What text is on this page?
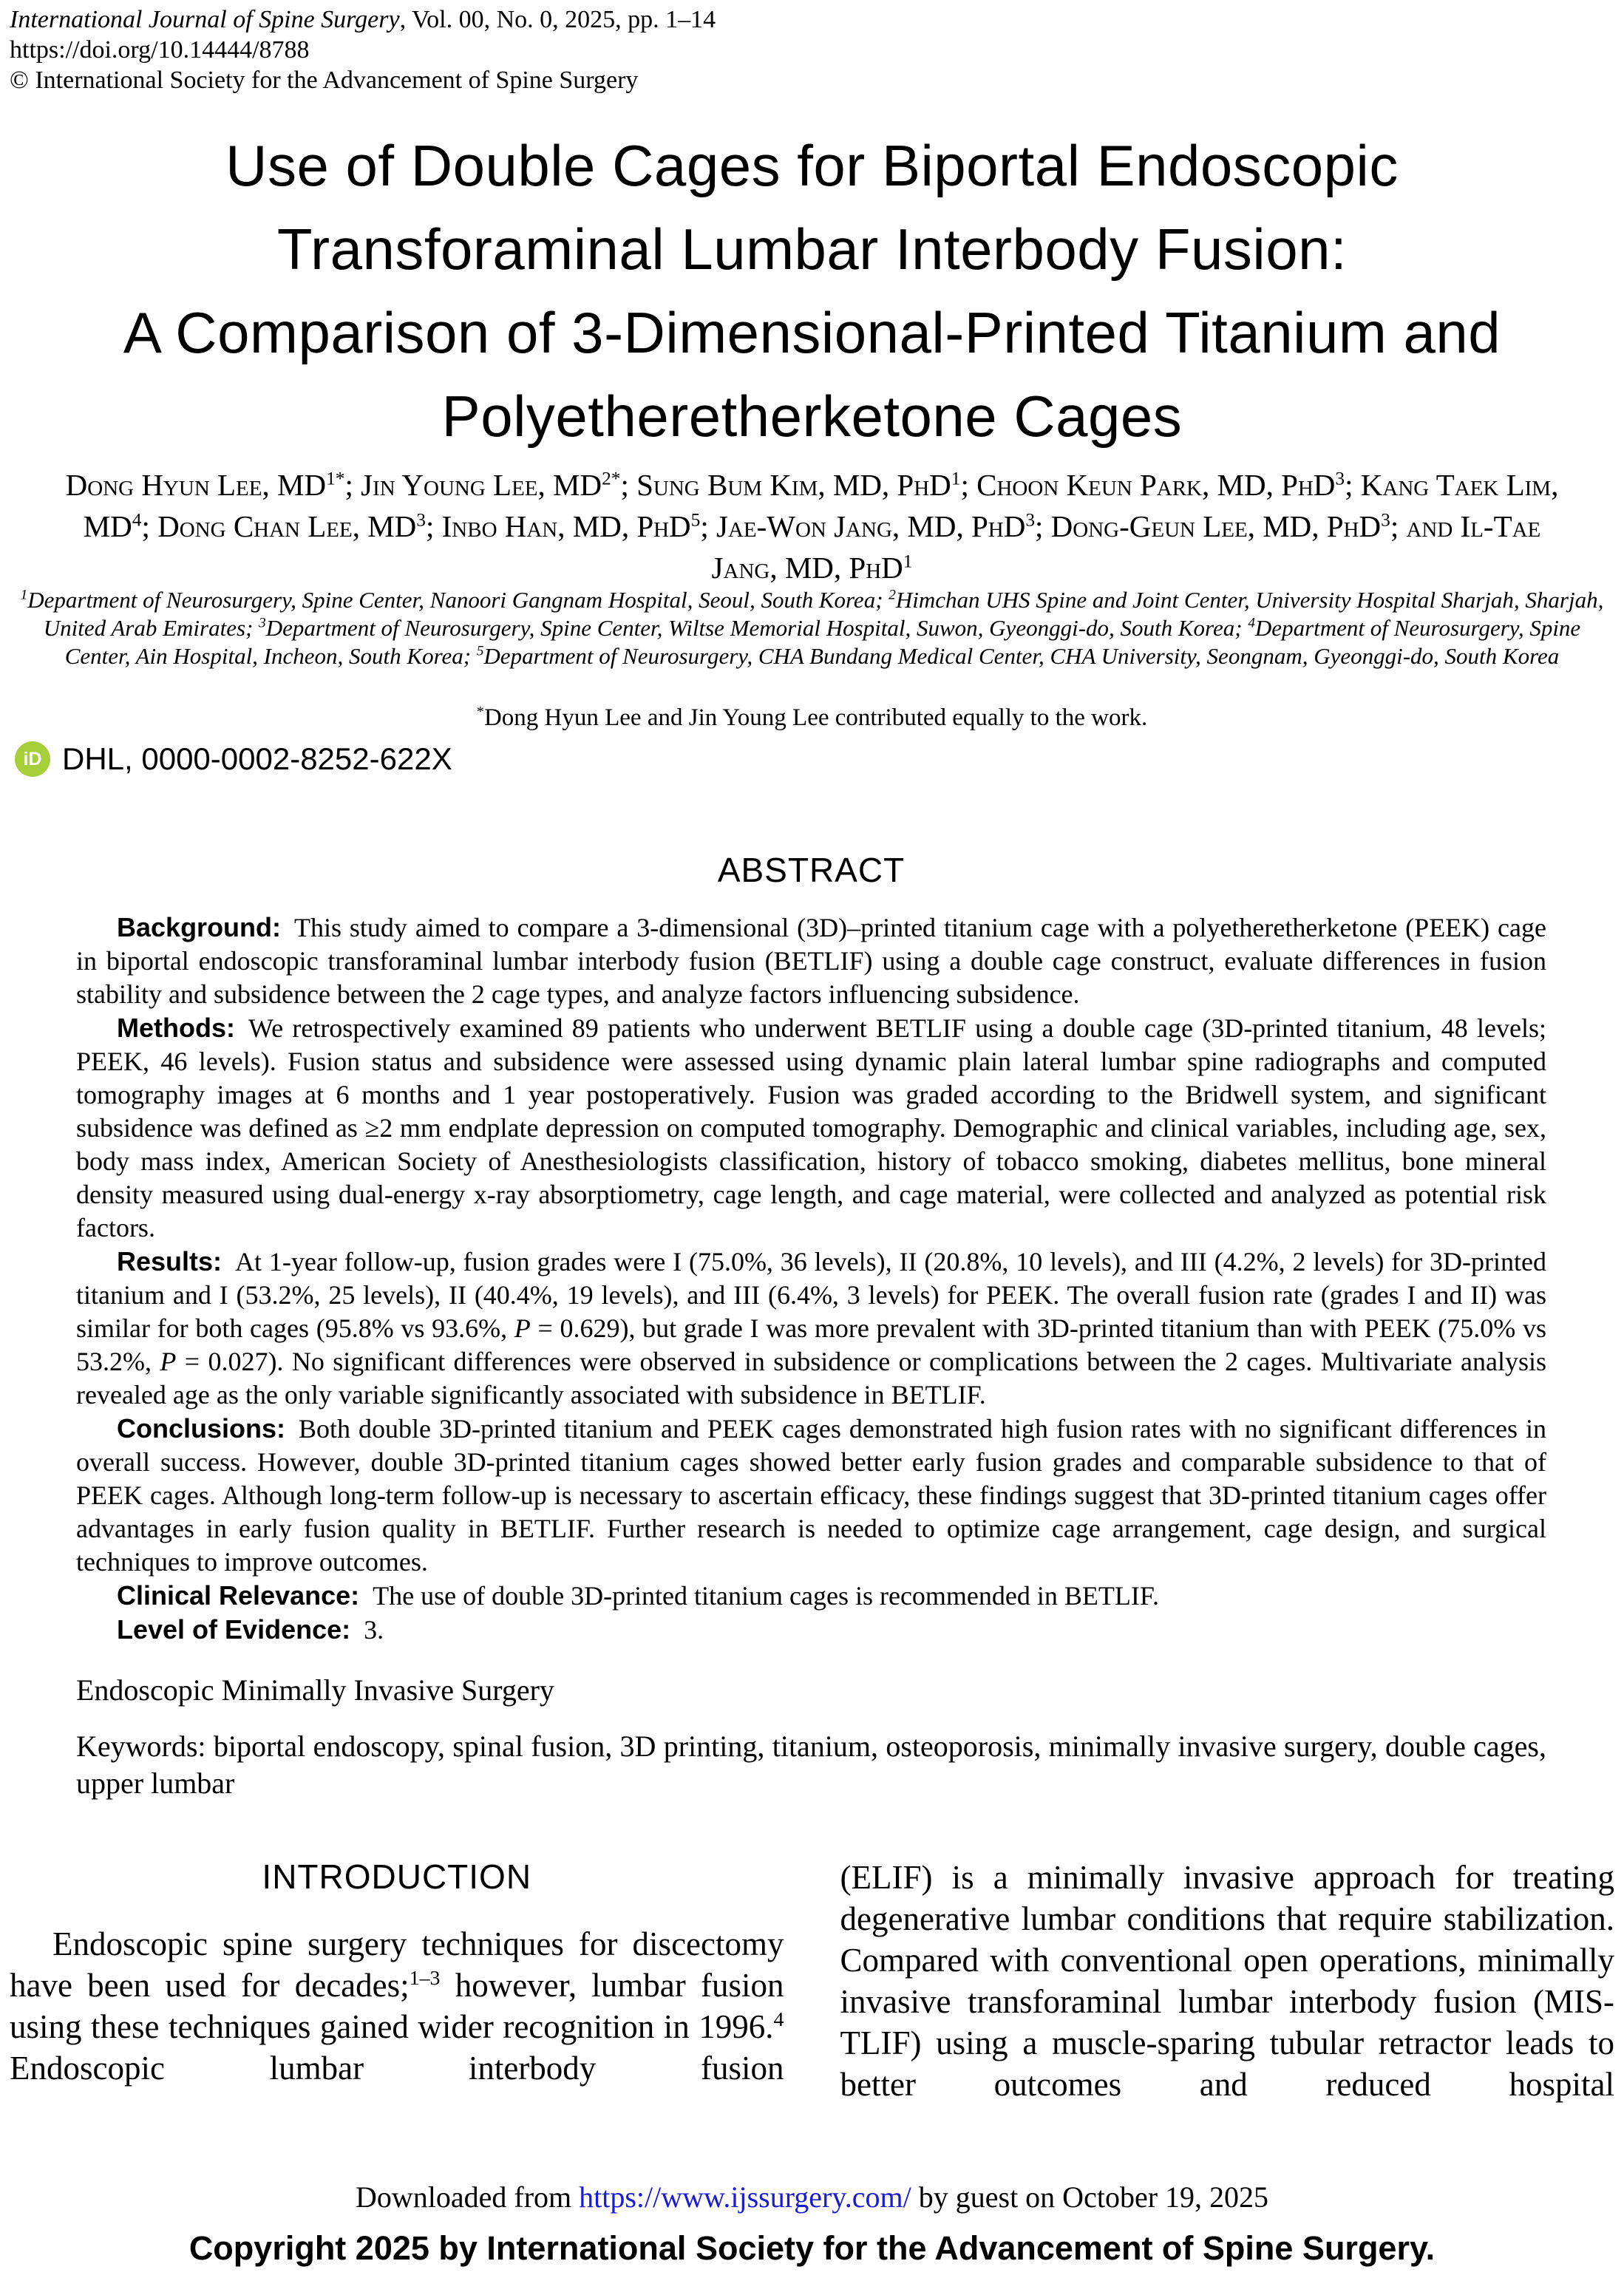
International Journal of Spine Surgery, Vol. 00, No. 0, 2025, pp. 1–14
https://doi.org/10.14444/8788
© International Society for the Advancement of Spine Surgery
Use of Double Cages for Biportal Endoscopic
Transforaminal Lumbar Interbody Fusion:
A Comparison of 3-Dimensional-Printed Titanium and
Polyetheretherketone Cages
Dong Hyun Lee, $MD^{1*}$; Jin Young Lee, $MD^{2*}$; Sung Bum Kim, MD, PhD$^1$; Choon Keun Park, MD, PhD$^3$; Kang Taek Lim, $MD^4$; Dong Chan Lee, $MD^3$; Inbo Han, MD, PhD$^5$; Jae-Won Jang, MD, PhD$^3$; Dong-Geun Lee, MD, PhD$^3$; and Il-Tae Jang, MD, PhD$^1$
$^1$Department of Neurosurgery, Spine Center, Nanoori Gangnam Hospital, Seoul, South Korea; $^2$Himchan UHS Spine and Joint Center, University Hospital Sharjah, Sharjah, United Arab Emirates; $^3$Department of Neurosurgery, Spine Center, Wiltse Memorial Hospital, Suwon, Gyeonggi-do, South Korea; $^4$Department of Neurosurgery, Spine Center, Ain Hospital, Incheon, South Korea; $^5$Department of Neurosurgery, CHA Bundang Medical Center, CHA University, Seongnam, Gyeonggi-do, South Korea
*Dong Hyun Lee and Jin Young Lee contributed equally to the work.
iD DHL, 0000-0002-8252-622X
ABSTRACT

Background: This study aimed to compare a 3-dimensional (3D)–printed titanium cage with a polyetheretherketone (PEEK) cage in biportal endoscopic transforaminal lumbar interbody fusion (BETLIF) using a double cage construct, evaluate differences in fusion stability and subsidence between the 2 cage types, and analyze factors influencing subsidence.

Methods: We retrospectively examined 89 patients who underwent BETLIF using a double cage (3D-printed titanium, 48 levels; PEEK, 46 levels). Fusion status and subsidence were assessed using dynamic plain lateral lumbar spine radiographs and computed tomography images at 6 months and 1 year postoperatively. Fusion was graded according to the Bridwell system, and significant subsidence was defined as ≥2 mm endplate depression on computed tomography. Demographic and clinical variables, including age, sex, body mass index, American Society of Anesthesiologists classification, history of tobacco smoking, diabetes mellitus, bone mineral density measured using dual-energy x-ray absorptiometry, cage length, and cage material, were collected and analyzed as potential risk factors.

Results: At 1-year follow-up, fusion grades were I (75.0%, 36 levels), II (20.8%, 10 levels), and III (4.2%, 2 levels) for 3D-printed titanium and I (53.2%, 25 levels), II (40.4%, 19 levels), and III (6.4%, 3 levels) for PEEK. The overall fusion rate (grades I and II) was similar for both cages (95.8% vs 93.6%, P = 0.629), but grade I was more prevalent with 3D-printed titanium than with PEEK (75.0% vs 53.2%, P = 0.027). No significant differences were observed in subsidence or complications between the 2 cages. Multivariate analysis revealed age as the only variable significantly associated with subsidence in BETLIF.

Conclusions: Both double 3D-printed titanium and PEEK cages demonstrated high fusion rates with no significant differences in overall success. However, double 3D-printed titanium cages showed better early fusion grades and comparable subsidence to that of PEEK cages. Although long-term follow-up is necessary to ascertain efficacy, these findings suggest that 3D-printed titanium cages offer advantages in early fusion quality in BETLIF. Further research is needed to optimize cage arrangement, cage design, and surgical techniques to improve outcomes.

Clinical Relevance: The use of double 3D-printed titanium cages is recommended in BETLIF.

Level of Evidence: 3.

Endoscopic Minimally Invasive Surgery

Keywords: biportal endoscopy, spinal fusion, 3D printing, titanium, osteoporosis, minimally invasive surgery, double cages, upper lumbar

INTRODUCTION

Endoscopic spine surgery techniques for discectomy have been used for decades;$^{1-3}$ however, lumbar fusion using these techniques gained wider recognition in 1996.$^4$ Endoscopic lumbar interbody fusion

(ELIF) is a minimally invasive approach for treating degenerative lumbar conditions that require stabilization. Compared with conventional open operations, minimally invasive transforaminal lumbar interbody fusion (MIS-TLIF) using a muscle-sparing tubular retractor leads to better outcomes and reduced hospital

Downloaded from https://www.ijssurgery.com/ by guest on October 19, 2025
Copyright 2025 by International Society for the Advancement of Spine Surgery.
